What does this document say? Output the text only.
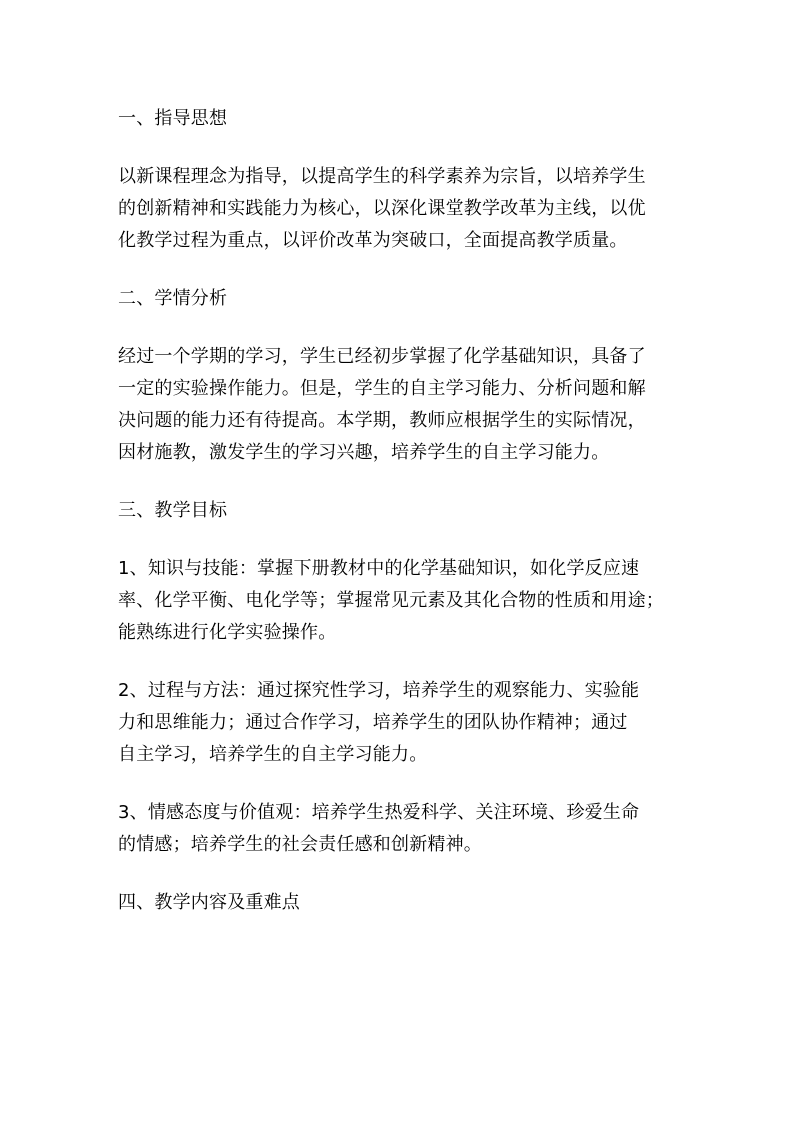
一、指导思想

以新课程理念为指导，以提高学生的科学素养为宗旨，以培养学生
的创新精神和实践能力为核心，以深化课堂教学改革为主线，以优
化教学过程为重点，以评价改革为突破口，全面提高教学质量。

二、学情分析

经过一个学期的学习，学生已经初步掌握了化学基础知识，具备了
一定的实验操作能力。但是，学生的自主学习能力、分析问题和解
决问题的能力还有待提高。本学期，教师应根据学生的实际情况，
因材施教，激发学生的学习兴趣，培养学生的自主学习能力。

三、教学目标

1、知识与技能：掌握下册教材中的化学基础知识，如化学反应速
率、化学平衡、电化学等；掌握常见元素及其化合物的性质和用途；
能熟练进行化学实验操作。

2、过程与方法：通过探究性学习，培养学生的观察能力、实验能
力和思维能力；通过合作学习，培养学生的团队协作精神；通过
自主学习，培养学生的自主学习能力。

3、情感态度与价值观：培养学生热爱科学、关注环境、珍爱生命
的情感；培养学生的社会责任感和创新精神。

四、教学内容及重难点
